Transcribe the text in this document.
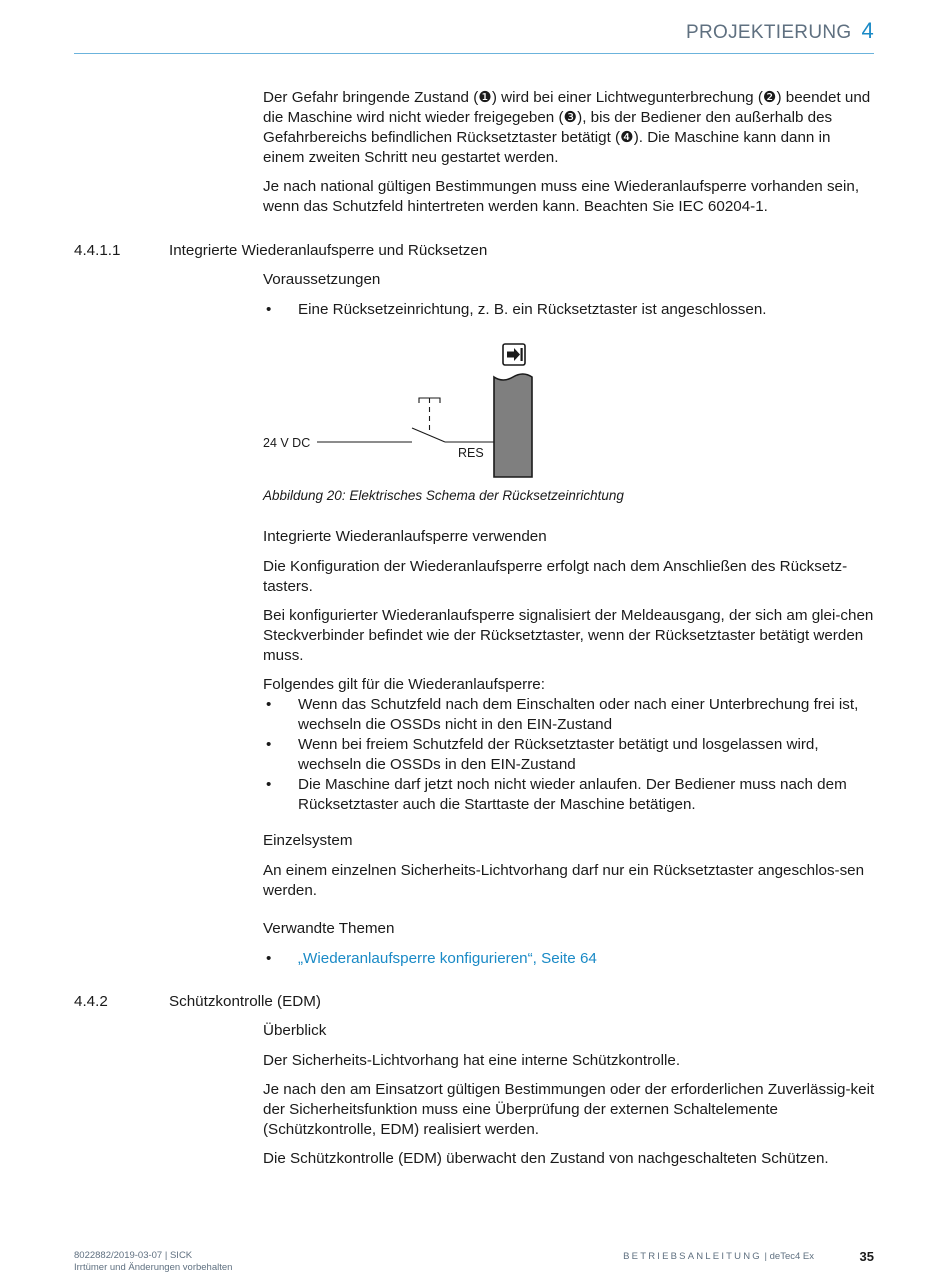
PROJEKTIERUNG 4

Der Gefahr bringende Zustand (❶) wird bei einer Lichtwegunterbrechung (❷) beendet und die Maschine wird nicht wieder freigegeben (❸), bis der Bediener den außerhalb des Gefahrbereichs befindlichen Rücksetztaster betätigt (❹). Die Maschine kann dann in einem zweiten Schritt neu gestartet werden.

Je nach national gültigen Bestimmungen muss eine Wiederanlaufsperre vorhanden sein, wenn das Schutzfeld hintertreten werden kann. Beachten Sie IEC 60204-1.

4.4.1.1	Integrierte Wiederanlaufsperre und Rücksetzen
Voraussetzungen
• Eine Rücksetzeinrichtung, z. B. ein Rücksetztaster ist angeschlossen.
24 V DC
RES
Abbildung 20: Elektrisches Schema der Rücksetzeinrichtung
Integrierte Wiederanlaufsperre verwenden

Die Konfiguration der Wiederanlaufsperre erfolgt nach dem Anschließen des Rücksetz-tasters.

Bei konfigurierter Wiederanlaufsperre signalisiert der Meldeausgang, der sich am glei-chen Steckverbinder befindet wie der Rücksetztaster, wenn der Rücksetztaster betätigt werden muss.

Folgendes gilt für die Wiederanlaufsperre:

• Wenn das Schutzfeld nach dem Einschalten oder nach einer Unterbrechung frei ist, wechseln die OSSDs nicht in den EIN-Zustand
• Wenn bei freiem Schutzfeld der Rücksetztaster betätigt und losgelassen wird, wechseln die OSSDs in den EIN-Zustand
• Die Maschine darf jetzt noch nicht wieder anlaufen. Der Bediener muss nach dem Rücksetztaster auch die Starttaste der Maschine betätigen.
Einzelsystem

An einem einzelnen Sicherheits-Lichtvorhang darf nur ein Rücksetztaster angeschlos-sen werden.

Verwandte Themen
• „Wiederanlaufsperre konfigurieren“, Seite 64
4.4.2	Schützkontrolle (EDM)
Überblick

Der Sicherheits-Lichtvorhang hat eine interne Schützkontrolle.

Je nach den am Einsatzort gültigen Bestimmungen oder der erforderlichen Zuverlässig-keit der Sicherheitsfunktion muss eine Überprüfung der externen Schaltelemente (Schützkontrolle, EDM) realisiert werden.

Die Schützkontrolle (EDM) überwacht den Zustand von nachgeschalteten Schützen.

8022882/2019-03-07 | SICK
Irrtümer und Änderungen vorbehalten
BETRIEBSANLEITUNG | deTec4 Ex	35
